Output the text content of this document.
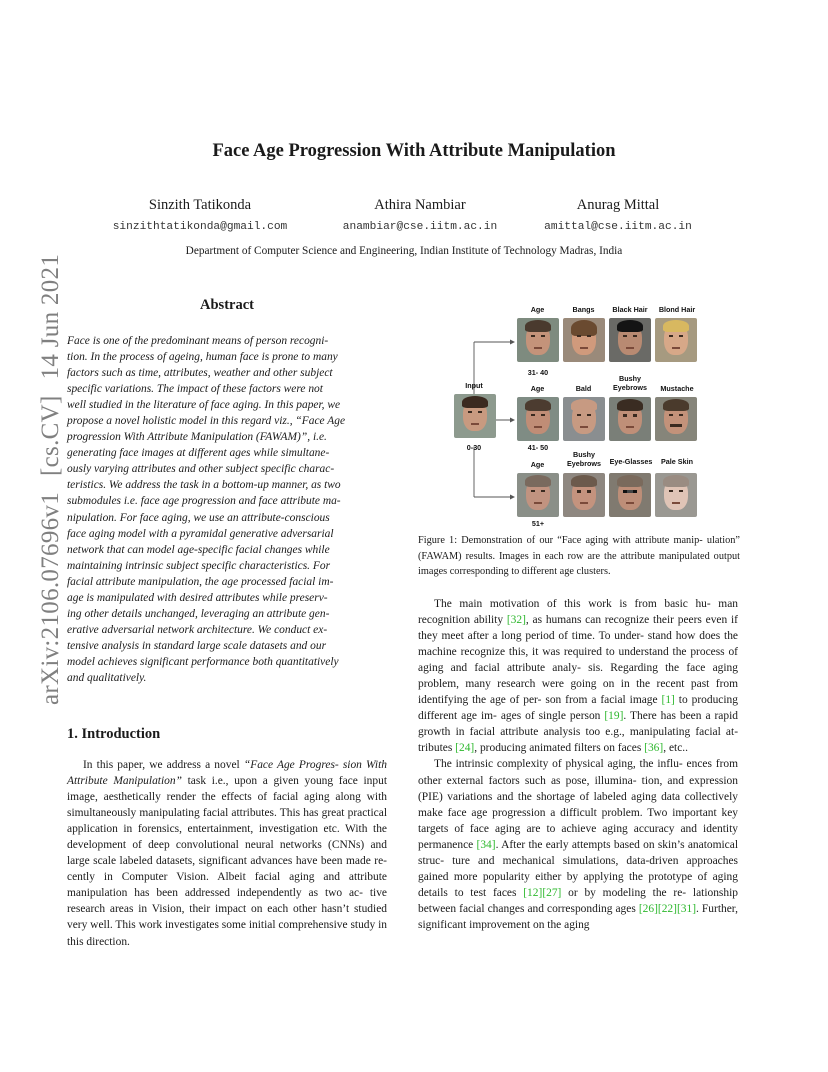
arXiv:2106.07696v1[cs.CV]14 Jun 2021
Face Age Progression With Attribute Manipulation
Sinzith Tatikonda
sinzithtatikonda@gmail.com
Athira Nambiar
anambiar@cse.iitm.ac.in
Anurag Mittal
amittal@cse.iitm.ac.in
Department of Computer Science and Engineering, Indian Institute of Technology Madras, India
Abstract
Face is one of the predominant means of person recogni-
tion. In the process of ageing, human face is prone to many
factors such as time, attributes, weather and other subject
specific variations. The impact of these factors were not
well studied in the literature of face aging. In this paper, we
propose a novel holistic model in this regard viz., “Face Age
progression With Attribute Manipulation (FAWAM)”, i.e.
generating face images at different ages while simultane-
ously varying attributes and other subject specific charac-
teristics. We address the task in a bottom-up manner, as two
submodules i.e. face age progression and face attribute ma-
nipulation. For face aging, we use an attribute-conscious
face aging model with a pyramidal generative adversarial
network that can model age-specific facial changes while
maintaining intrinsic subject specific characteristics. For
facial attribute manipulation, the age processed facial im-
age is manipulated with desired attributes while preserv-
ing other details unchanged, leveraging an attribute gen-
erative adversarial network architecture. We conduct ex-
tensive analysis in standard large scale datasets and our
model achieves significant performance both quantitatively
and qualitatively.
1. Introduction

In this paper, we address a novel “Face Age Progres- sion With Attribute Manipulation” task i.e., upon a given young face input image, aesthetically render the effects of facial aging along with simultaneously manipulating facial attributes. This has great practical application in forensics, entertainment, investigation etc. With the development of deep convolutional neural networks (CNNs) and large scale labeled datasets, significant advances have been made re- cently in Computer Vision. Albeit facial aging and attribute manipulation has been addressed independently as two ac- tive research areas in Vision, their impact on each other hasn’t studied very well. This work investigates some initial comprehensive study in this direction.

Input
0-30
Age	Bangs	Black Hair	Blond Hair
31- 40
Age	Bald
Bushy Eyebrows	Mustache
41- 50
Age
Bushy Eyebrows	Eye-Glasses	Pale Skin
51+
Figure 1: Demonstration of our “Face aging with attribute manip- ulation” (FAWAM) results. Images in each row are the attribute manipulated output images corresponding to different age clusters.

The main motivation of this work is from basic hu- man recognition ability [32], as humans can recognize their peers even if they meet after a long period of time. To under- stand how does the machine recognize this, it was required to understand the process of aging and facial attribute analy- sis. Regarding the face aging problem, many research were going on in the recent past from identifying the age of per- son from a facial image [1] to producing different age im- ages of single person [19]. There has been a rapid growth in facial attribute analysis too e.g., manipulating facial at- tributes [24], producing animated filters on faces [36], etc..

The intrinsic complexity of physical aging, the influ- ences from other external factors such as pose, illumina- tion, and expression (PIE) variations and the shortage of labeled aging data collectively make face age progression a difficult problem. Two important key targets of face aging are to achieve aging accuracy and identity permanence [34]. After the early attempts based on skin’s anatomical struc- ture and mechanical simulations, data-driven approaches gained more popularity either by applying the prototype of aging details to test faces [12][27] or by modeling the re- lationship between facial changes and corresponding ages [26][22][31]. Further, significant improvement on the aging
